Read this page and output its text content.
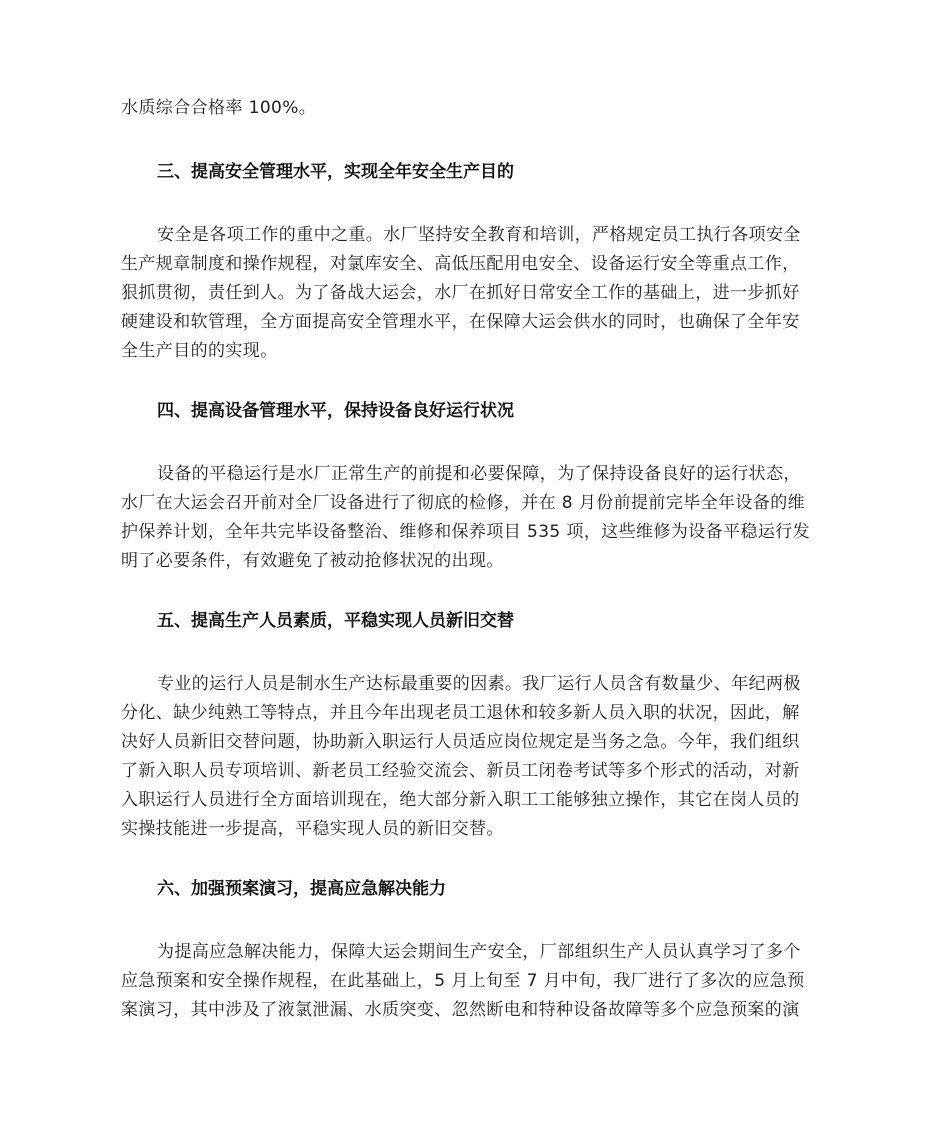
水质综合合格率 100%。
三、提高安全管理水平，实现全年安全生产目的
安全是各项工作的重中之重。水厂坚持安全教育和培训，严格规定员工执行各项安全
生产规章制度和操作规程，对氯库安全、高低压配用电安全、设备运行安全等重点工作，
狠抓贯彻，责任到人。为了备战大运会，水厂在抓好日常安全工作的基础上，进一步抓好
硬建设和软管理，全方面提高安全管理水平，在保障大运会供水的同时，也确保了全年安
全生产目的的实现。
四、提高设备管理水平，保持设备良好运行状况
设备的平稳运行是水厂正常生产的前提和必要保障，为了保持设备良好的运行状态，
水厂在大运会召开前对全厂设备进行了彻底的检修，并在 8 月份前提前完毕全年设备的维
护保养计划，全年共完毕设备整治、维修和保养项目 535 项，这些维修为设备平稳运行发
明了必要条件，有效避免了被动抢修状况的出现。
五、提高生产人员素质，平稳实现人员新旧交替
专业的运行人员是制水生产达标最重要的因素。我厂运行人员含有数量少、年纪两极
分化、缺少纯熟工等特点，并且今年出现老员工退休和较多新人员入职的状况，因此，解
决好人员新旧交替问题，协助新入职运行人员适应岗位规定是当务之急。今年，我们组织
了新入职人员专项培训、新老员工经验交流会、新员工闭卷考试等多个形式的活动，对新
入职运行人员进行全方面培训现在，绝大部分新入职工工能够独立操作，其它在岗人员的
实操技能进一步提高，平稳实现人员的新旧交替。
六、加强预案演习，提高应急解决能力
为提高应急解决能力，保障大运会期间生产安全，厂部组织生产人员认真学习了多个
应急预案和安全操作规程，在此基础上，5 月上旬至 7 月中旬，我厂进行了多次的应急预
案演习，其中涉及了液氯泄漏、水质突变、忽然断电和特种设备故障等多个应急预案的演
